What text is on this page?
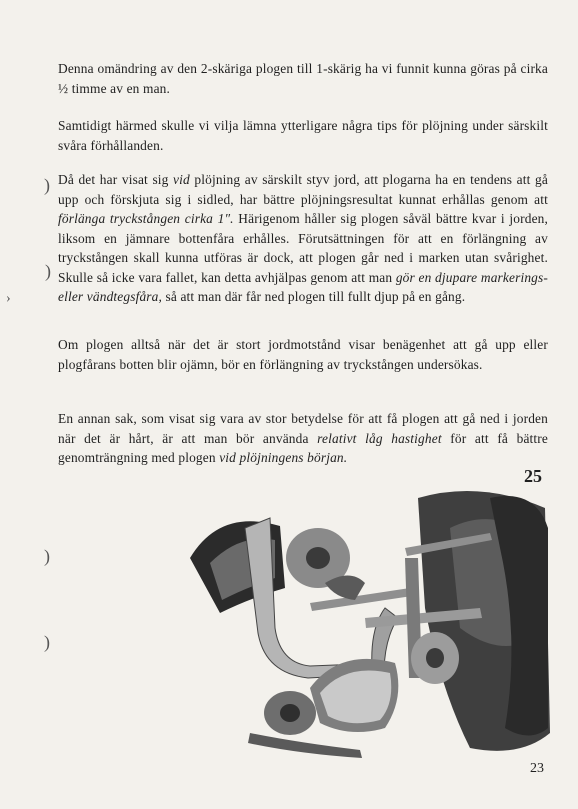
Denna omändring av den 2-skäriga plogen till 1-skärig ha vi funnit kunna göras på cirka ½ timme av en man.

Samtidigt härmed skulle vi vilja lämna ytterligare några tips för plöjning under särskilt svåra förhållanden.

Då det har visat sig vid plöjning av särskilt styv jord, att plogarna ha en tendens att gå upp och förskjuta sig i sidled, har bättre plöjningsresultat kunnat erhållas genom att förlänga tryckstången cirka 1″. Härigenom håller sig plogen såväl bättre kvar i jorden, liksom en jämnare bottenfåra erhålles. Förutsättningen för att en förlängning av tryckstången skall kunna utföras är dock, att plogen går ned i marken utan svårighet. Skulle så icke vara fallet, kan detta avhjälpas genom att man gör en djupare markerings- eller vändtegsfåra, så att man där får ned plogen till fullt djup på en gång.

Om plogen alltså när det är stort jordmotstånd visar benägenhet att gå upp eller plogfårans botten blir ojämn, bör en förlängning av tryckstången undersökas.

En annan sak, som visat sig vara av stor betydelse för att få plogen att gå ned i jorden när det är hårt, är att man bör använda relativt låg hastighet för att få bättre genomträngning med plogen vid plöjningens början.

)
)
›
)
)
25
23
